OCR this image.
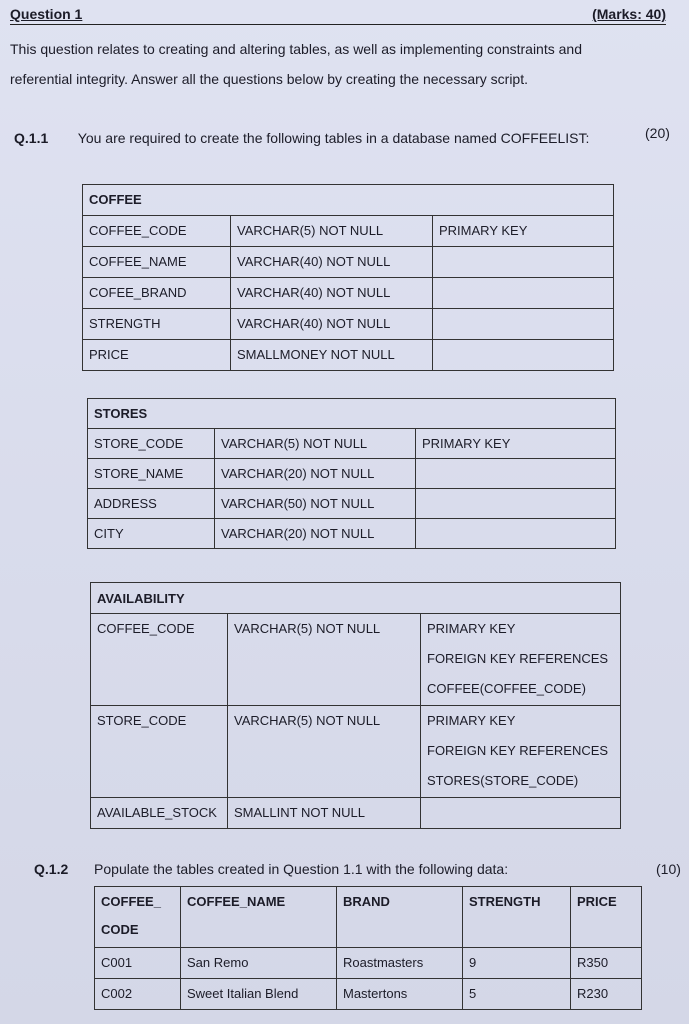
Question 1	(Marks: 40)
This question relates to creating and altering tables, as well as implementing constraints and
referential integrity. Answer all the questions below by creating the necessary script.
Q.1.1 You are required to create the following tables in a database named COFFEELIST:	(20)
COFFEE		
COFFEE_CODE	VARCHAR(5) NOT NULL	PRIMARY KEY
COFFEE_NAME	VARCHAR(40) NOT NULL	
COFEE_BRAND	VARCHAR(40) NOT NULL	
STRENGTH	VARCHAR(40) NOT NULL	
PRICE	SMALLMONEY NOT NULL	
STORES		
STORE_CODE	VARCHAR(5) NOT NULL	PRIMARY KEY
STORE_NAME	VARCHAR(20) NOT NULL	
ADDRESS	VARCHAR(50) NOT NULL	
CITY	VARCHAR(20) NOT NULL	
AVAILABILITY		

COFFEE_CODE	VARCHAR(5) NOT NULL	PRIMARY KEY
FOREIGN KEY REFERENCES
COFFEE(COFFEE_CODE)

STORE_CODE	VARCHAR(5) NOT NULL	PRIMARY KEY
FOREIGN KEY REFERENCES
STORES(STORE_CODE)

AVAILABLE_STOCK	SMALLINT NOT NULL	
Q.1.2 Populate the tables created in Question 1.1 with the following data:	(10)
COFFEE_
CODE	COFFEE_NAME	BRAND	STRENGTH	PRICE

C001	San Remo	Roastmasters	9	R350
C002	Sweet Italian Blend	Mastertons	5	R230
